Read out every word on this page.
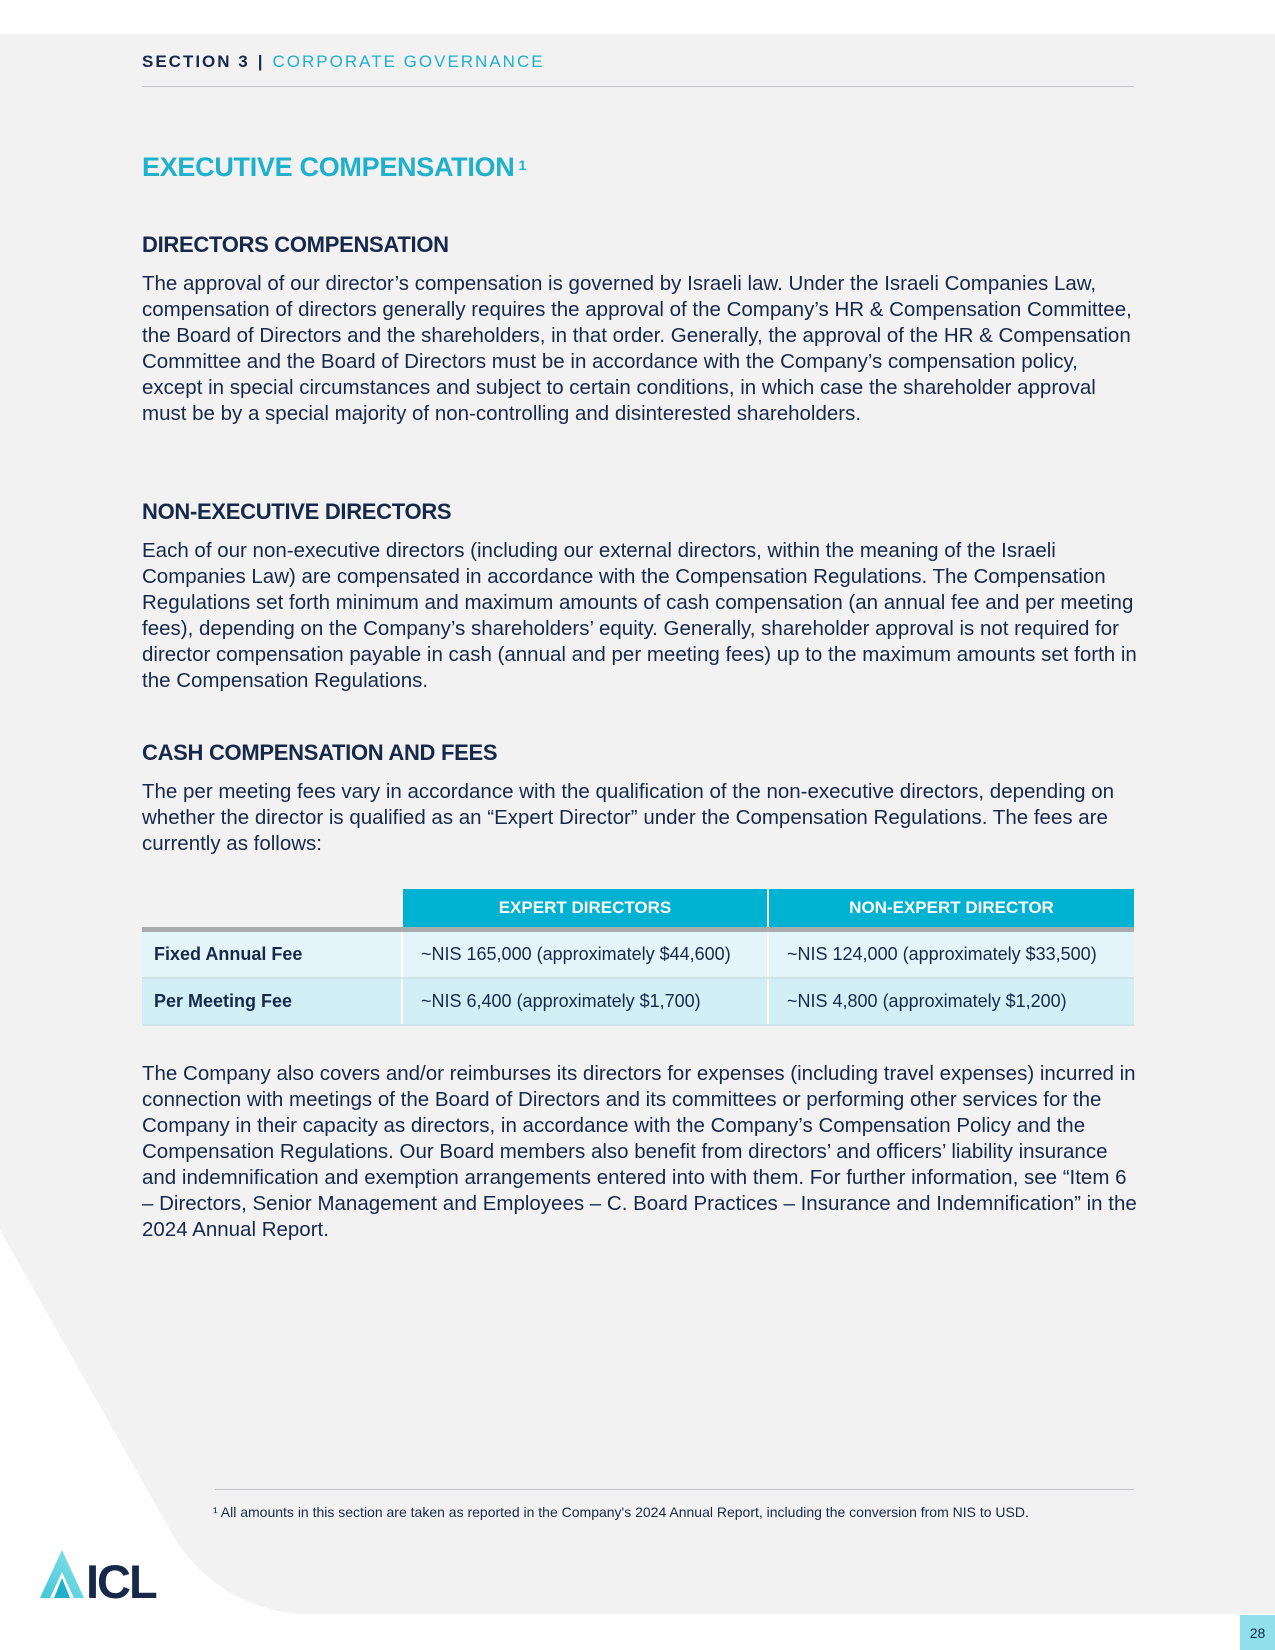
SECTION 3 | CORPORATE GOVERNANCE
EXECUTIVE COMPENSATION $^1$
DIRECTORS COMPENSATION

The approval of our director’s compensation is governed by Israeli law. Under the Israeli Companies Law, compensation of directors generally requires the approval of the Company’s HR & Compensation Committee, the Board of Directors and the shareholders, in that order. Generally, the approval of the HR & Compensation Committee and the Board of Directors must be in accordance with the Company’s compensation policy, except in special circumstances and subject to certain conditions, in which case the shareholder approval must be by a special majority of non-controlling and disinterested shareholders.

NON-EXECUTIVE DIRECTORS

Each of our non-executive directors (including our external directors, within the meaning of the Israeli Companies Law) are compensated in accordance with the Compensation Regulations. The Compensation Regulations set forth minimum and maximum amounts of cash compensation (an annual fee and per meeting fees), depending on the Company’s shareholders’ equity. Generally, shareholder approval is not required for director compensation payable in cash (annual and per meeting fees) up to the maximum amounts set forth in the Compensation Regulations.

CASH COMPENSATION AND FEES

The per meeting fees vary in accordance with the qualification of the non-executive directors, depending on whether the director is qualified as an “Expert Director” under the Compensation Regulations. The fees are currently as follows:

	EXPERT DIRECTORS	NON-EXPERT DIRECTOR
Fixed Annual Fee	~NIS 165,000 (approximately $44,600)	~NIS 124,000 (approximately $33,500)
Per Meeting Fee	~NIS 6,400 (approximately $1,700)	~NIS 4,800 (approximately $1,200)

The Company also covers and/or reimburses its directors for expenses (including travel expenses) incurred in connection with meetings of the Board of Directors and its committees or performing other services for the Company in their capacity as directors, in accordance with the Company’s Compensation Policy and the Compensation Regulations. Our Board members also benefit from directors’ and officers’ liability insurance and indemnification and exemption arrangements entered into with them. For further information, see “Item 6 – Directors, Senior Management and Employees – C. Board Practices – Insurance and Indemnification” in the 2024 Annual Report.

¹ All amounts in this section are taken as reported in the Company's 2024 Annual Report, including the conversion from NIS to USD.

ICL
28
